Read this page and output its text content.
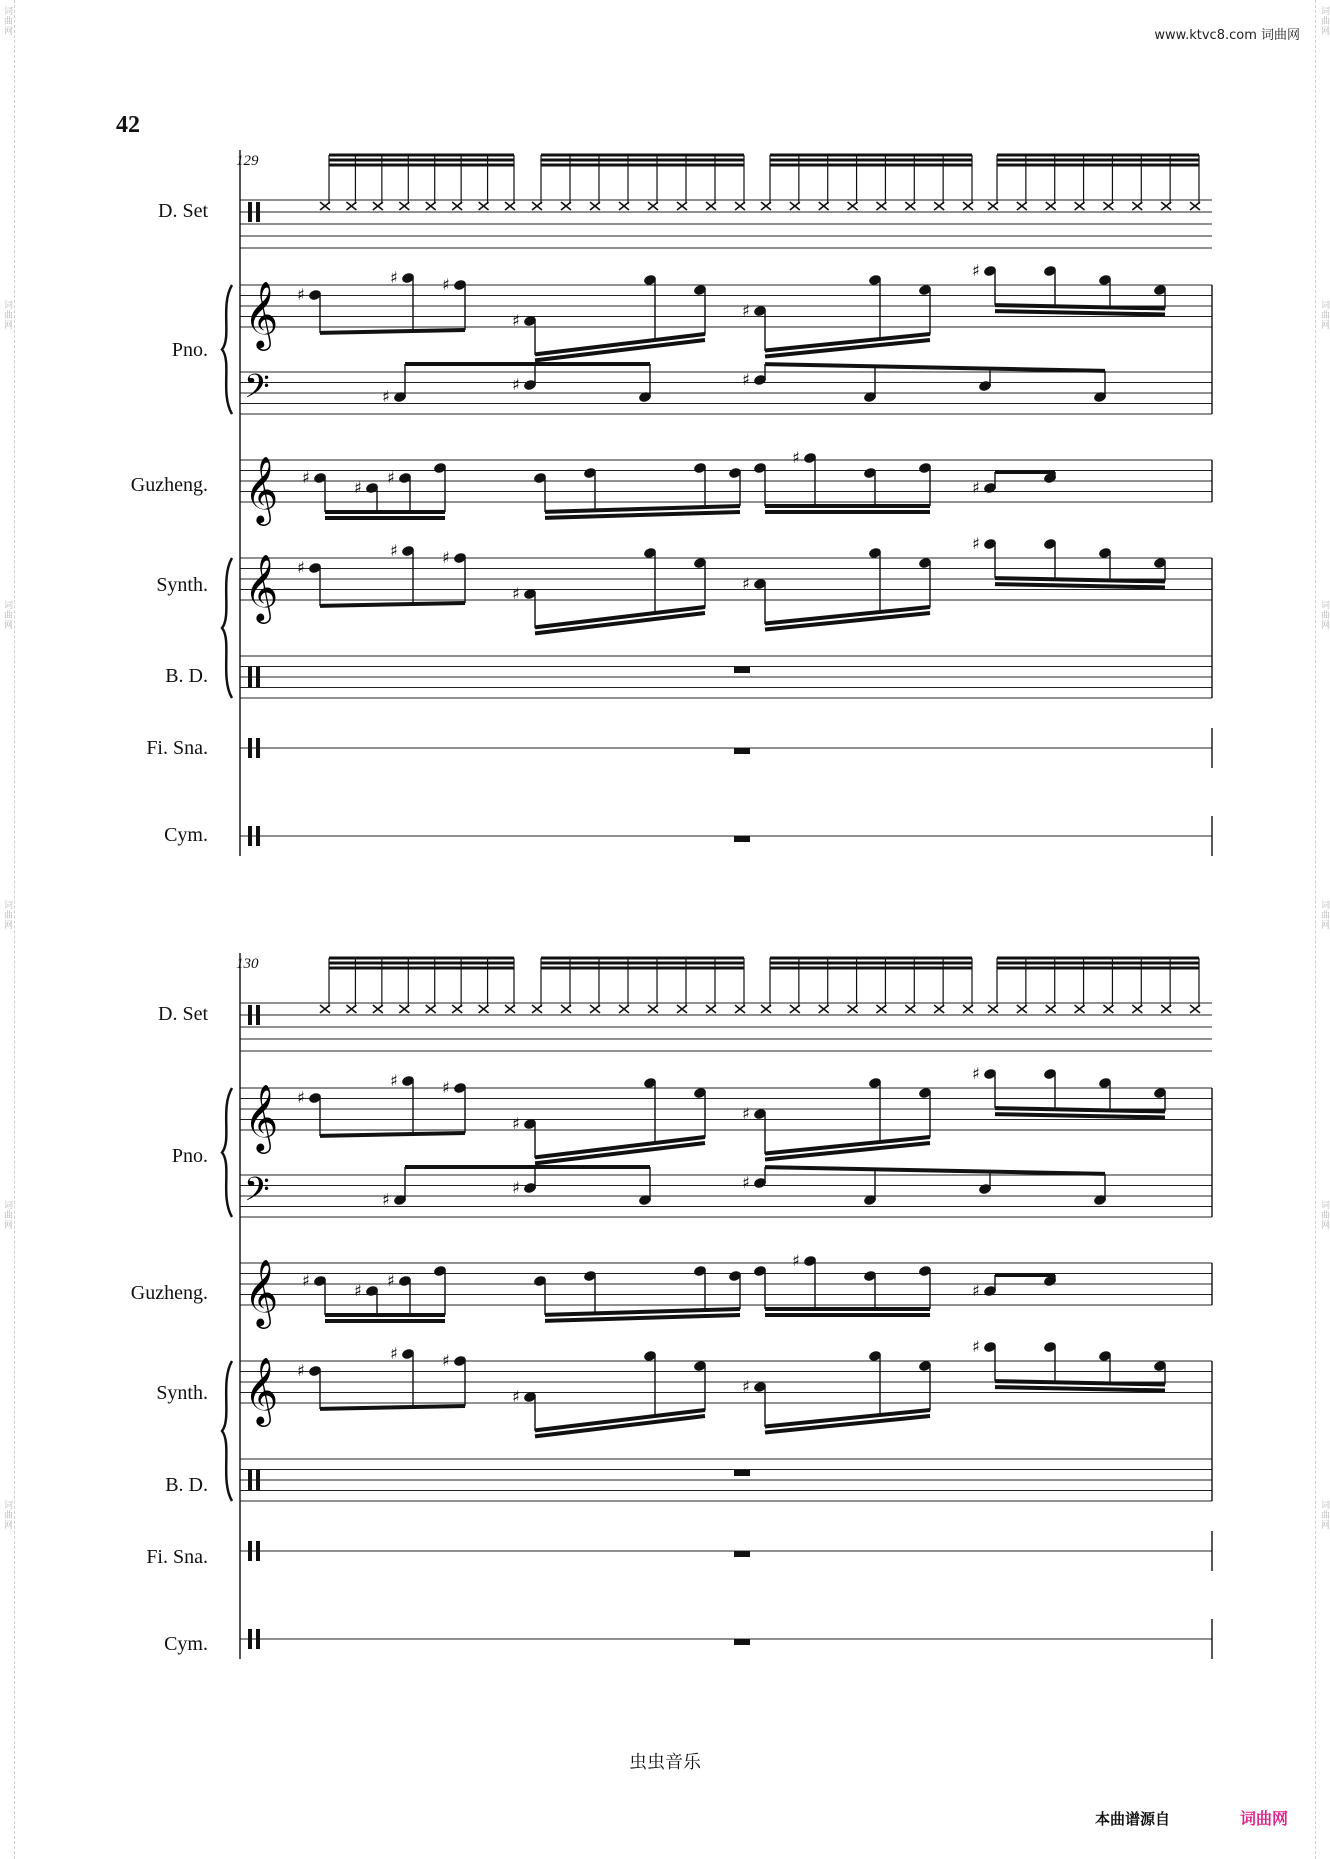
词曲网
词曲网
词曲网
词曲网
词曲网
词曲网
词曲网
词曲网
词曲网
词曲网
词曲网
词曲网
www.ktvc8.com 词曲网
42
129
130
D. Set
Pno.
Guzheng.
Synth.
B. D.
Fi. Sna.
Cym.
D. Set
Pno.
Guzheng.
Synth.
B. D.
Fi. Sna.
Cym.
𝄞
𝄢
𝄞
𝄞
♯
♯	♯
♯
♯
♯
♯
♯	♯
♯
♯
♯
♯
♯	♯
♯
♯
♯
♯
♯
𝄞
𝄢
𝄞
𝄞
♯
♯	♯
♯
♯
♯
♯
♯	♯
♯
♯
♯
♯
♯	♯
♯
♯
♯
♯
♯
虫虫音乐
本曲谱源自	词曲网
